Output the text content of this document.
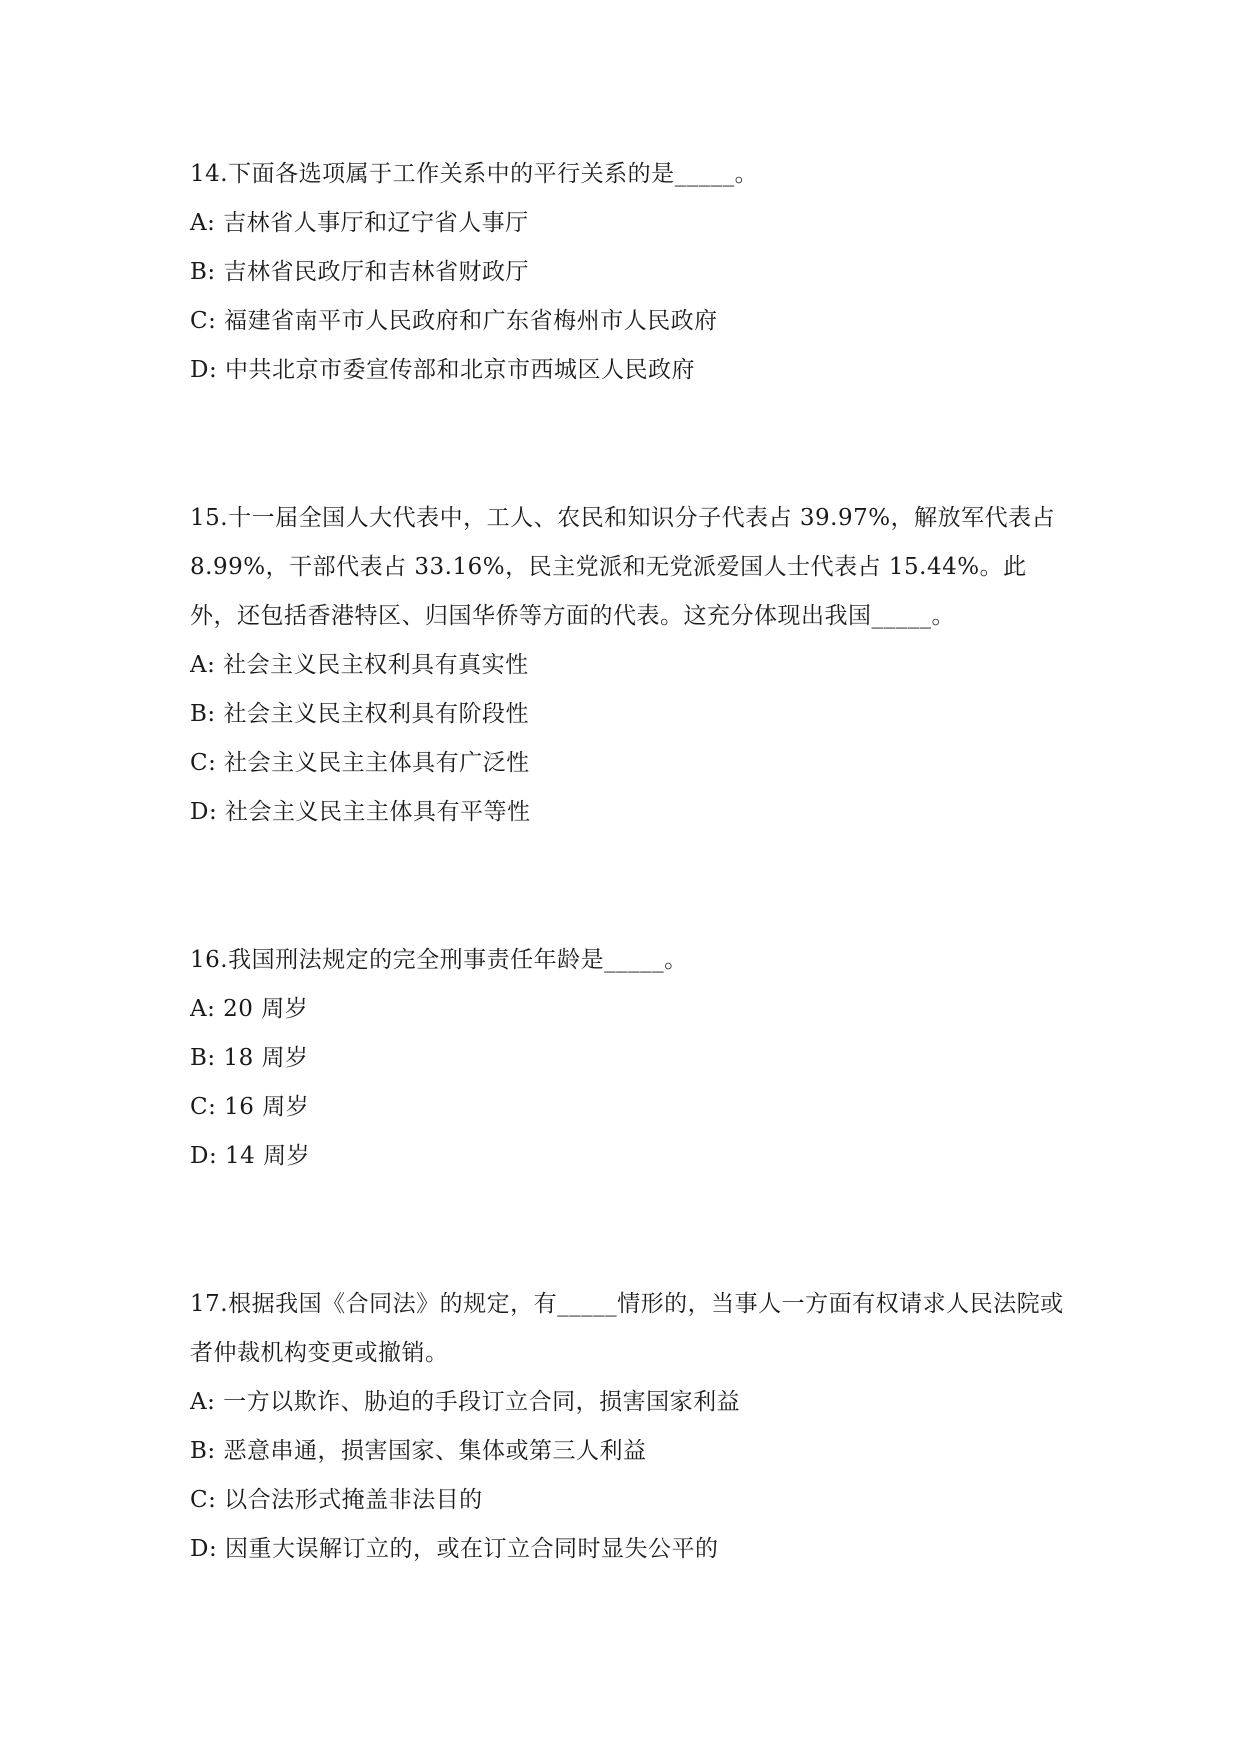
14.下面各选项属于工作关系中的平行关系的是_____。

A: 吉林省人事厅和辽宁省人事厅
B: 吉林省民政厅和吉林省财政厅
C: 福建省南平市人民政府和广东省梅州市人民政府
D: 中共北京市委宣传部和北京市西城区人民政府

15.十一届全国人大代表中，工人、农民和知识分子代表占 39.97%，解放军代表占 8.99%，干部代表占 33.16%，民主党派和无党派爱国人士代表占 15.44%。此外，还包括香港特区、归国华侨等方面的代表。这充分体现出我国_____。

A: 社会主义民主权利具有真实性
B: 社会主义民主权利具有阶段性
C: 社会主义民主主体具有广泛性
D: 社会主义民主主体具有平等性

16.我国刑法规定的完全刑事责任年龄是_____。

A: 20 周岁
B: 18 周岁
C: 16 周岁
D: 14 周岁

17.根据我国《合同法》的规定，有_____情形的，当事人一方面有权请求人民法院或者仲裁机构变更或撤销。

A: 一方以欺诈、胁迫的手段订立合同，损害国家利益
B: 恶意串通，损害国家、集体或第三人利益
C: 以合法形式掩盖非法目的
D: 因重大误解订立的，或在订立合同时显失公平的
